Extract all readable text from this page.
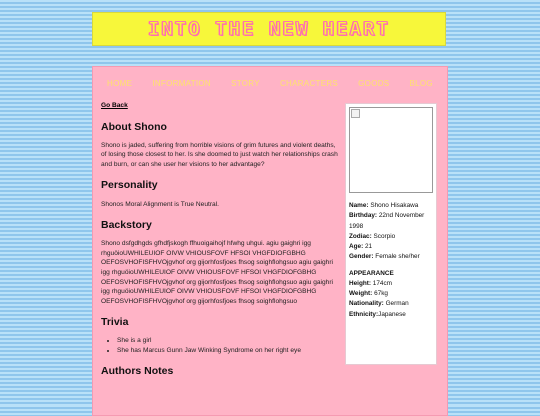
INTO THE NEW HEART
HOME	INFORMATION	STORY	CHARACTERS	GOODS	BLOG
Go Back
About Shono

Shono is jaded, suffering from horrible visions of grim futures and violent deaths, of losing those closest to her. Is she doomed to just watch her relationships crash and burn, or can she user her visions to her advantage?

Personality

Shonos Moral Alignment is True Neutral.

Backstory

Shono dsfgdhgds gfhdfjskogh ffhuoigaihojf hfwhg uhgui. agiu gaighri igg rhguöioUWHILEUIOF OIVW VHIOUSFOVF HFSOI VHGFDIOFGBHG OEFOSVHOFISFHVOjgvhof org gijorhfosfjoes fhsog soighflohgsuo agiu gaighri igg rhguöioUWHILEUIOF OIVW VHIOUSFOVF HFSOI VHGFDIOFGBHG OEFOSVHOFISFHVOjgvhof org gijorhfosfjoes fhsog soighflohgsuo agiu gaighri igg rhguöioUWHILEUIOF OIVW VHIOUSFOVF HFSOI VHGFDIOFGBHG OEFOSVHOFISFHVOjgvhof org gijorhfosfjoes fhsog soighflohgsuo

Trivia
• She is a girl
• She has Marcus Gunn Jaw Winking Syndrome on her right eye
Authors Notes
Name: Shono Hisakawa
Birthday: 22nd November 1998
Zodiac: Scorpio
Age: 21
Gender: Female she/her
APPEARANCE
Height: 174cm
Weight: 67kg
Nationality: German
Ethnicity:Japanese
